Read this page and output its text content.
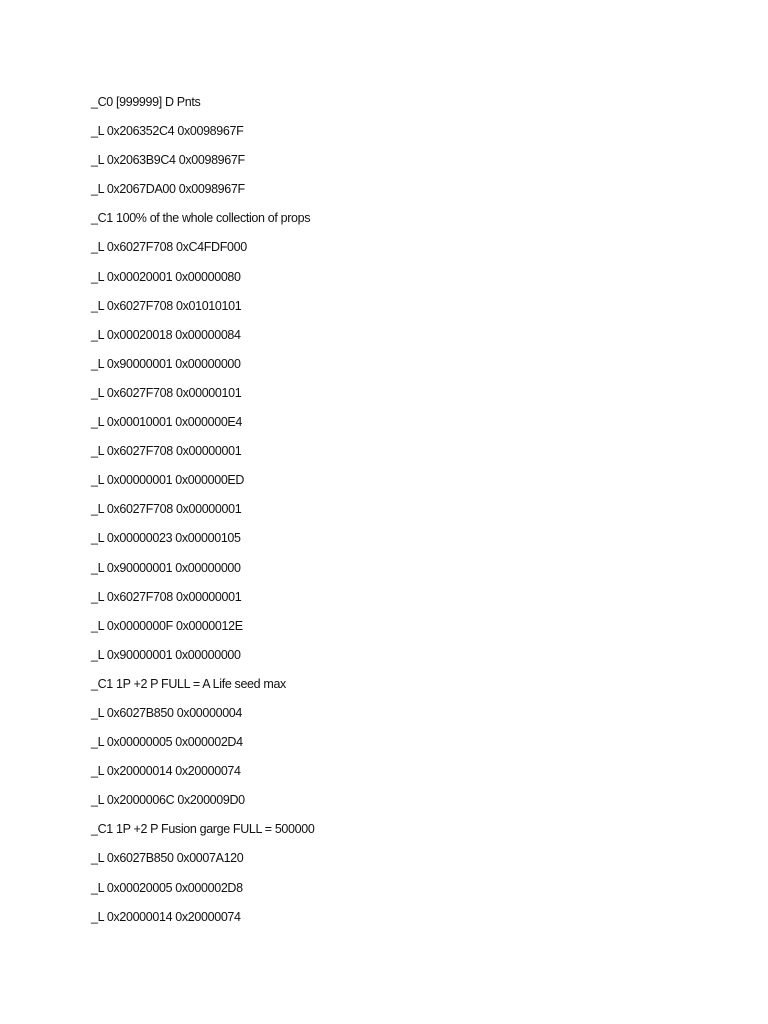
_C0 [999999] D Pnts
_L 0x206352C4 0x0098967F
_L 0x2063B9C4 0x0098967F
_L 0x2067DA00 0x0098967F
_C1 100% of the whole collection of props
_L 0x6027F708 0xC4FDF000
_L 0x00020001 0x00000080
_L 0x6027F708 0x01010101
_L 0x00020018 0x00000084
_L 0x90000001 0x00000000
_L 0x6027F708 0x00000101
_L 0x00010001 0x000000E4
_L 0x6027F708 0x00000001
_L 0x00000001 0x000000ED
_L 0x6027F708 0x00000001
_L 0x00000023 0x00000105
_L 0x90000001 0x00000000
_L 0x6027F708 0x00000001
_L 0x0000000F 0x0000012E
_L 0x90000001 0x00000000
_C1 1P +2 P FULL = A Life seed max
_L 0x6027B850 0x00000004
_L 0x00000005 0x000002D4
_L 0x20000014 0x20000074
_L 0x2000006C 0x200009D0
_C1 1P +2 P Fusion garge FULL = 500000
_L 0x6027B850 0x0007A120
_L 0x00020005 0x000002D8
_L 0x20000014 0x20000074
